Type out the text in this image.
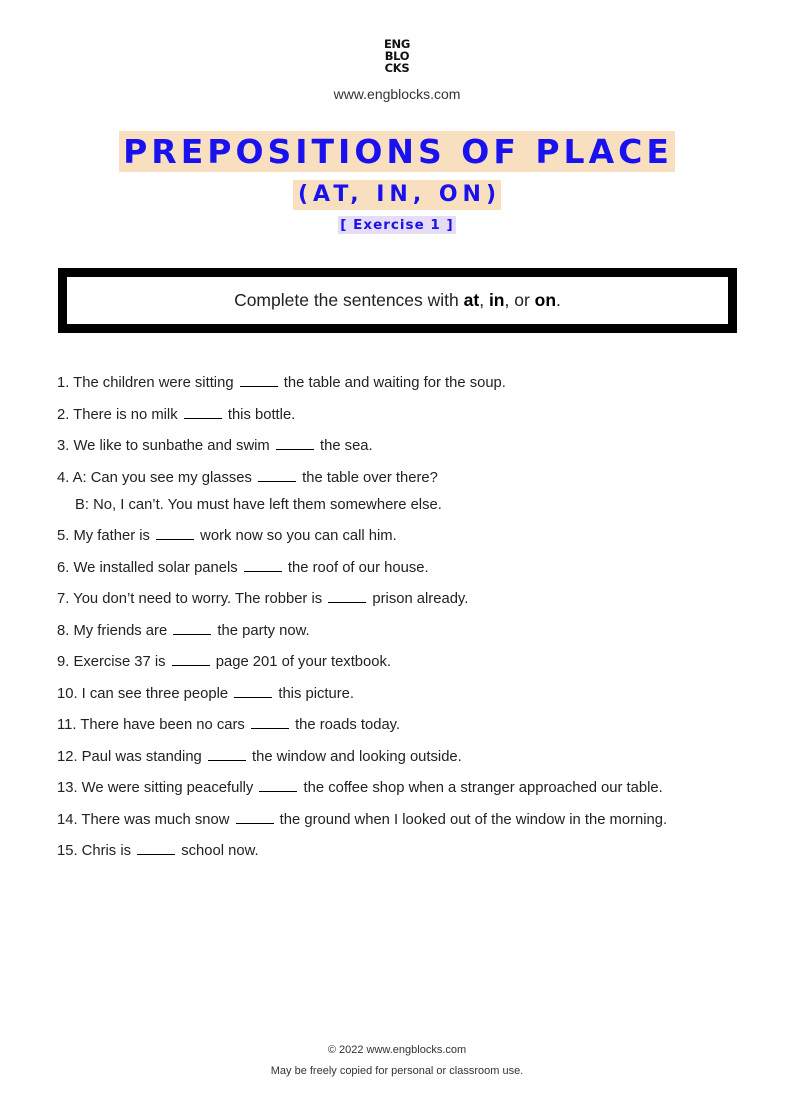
ENG
BLO
CKS
www.engblocks.com
PREPOSITIONS OF PLACE
(AT, IN, ON)
[ Exercise 1 ]
Complete the sentences with at, in, or on.
1. The children were sitting	the table and waiting for the soup.
2. There is no milk	this bottle.
3. We like to sunbathe and swim	the sea.
4. A: Can you see my glasses	the table over there?
B: No, I can’t. You must have left them somewhere else.
5. My father is	work now so you can call him.
6. We installed solar panels	the roof of our house.
7. You don’t need to worry. The robber is	prison already.
8. My friends are	the party now.
9. Exercise 37 is	page 201 of your textbook.
10. I can see three people	this picture.
11. There have been no cars	the roads today.
12. Paul was standing	the window and looking outside.
13. We were sitting peacefully	the coffee shop when a stranger approached our table.
14. There was much snow	the ground when I looked out of the window in the morning.
15. Chris is	school now.
© 2022 www.engblocks.com
May be freely copied for personal or classroom use.
